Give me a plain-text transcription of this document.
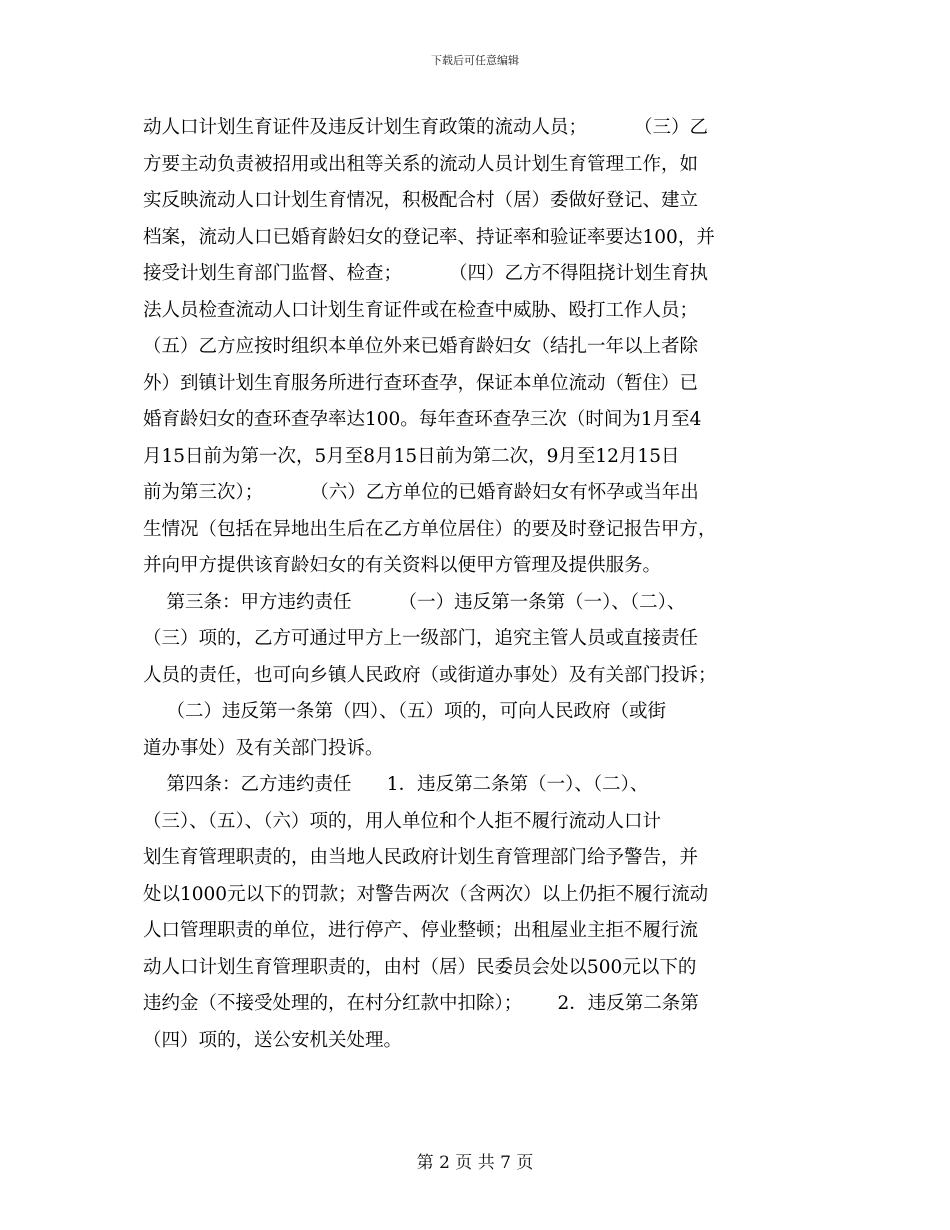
下载后可任意编辑
动人口计划生育证件及违反计划生育政策的流动人员；        （三）乙
方要主动负责被招用或出租等关系的流动人员计划生育管理工作，如
实反映流动人口计划生育情况，积极配合村（居）委做好登记、建立
档案，流动人口已婚育龄妇女的登记率、持证率和验证率要达100，并
接受计划生育部门监督、检查；        （四）乙方不得阻挠计划生育执
法人员检查流动人口计划生育证件或在检查中威胁、殴打工作人员；
（五）乙方应按时组织本单位外来已婚育龄妇女（结扎一年以上者除
外）到镇计划生育服务所进行查环查孕，保证本单位流动（暂住）已
婚育龄妇女的查环查孕率达100。每年查环查孕三次（时间为1月至4
月15日前为第一次，5月至8月15日前为第二次，9月至12月15日
前为第三次）；        （六）乙方单位的已婚育龄妇女有怀孕或当年出
生情况（包括在异地出生后在乙方单位居住）的要及时登记报告甲方，
并向甲方提供该育龄妇女的有关资料以便甲方管理及提供服务。
第三条：甲方违约责任        （一）违反第一条第（一）、（二）、
（三）项的，乙方可通过甲方上一级部门，追究主管人员或直接责任
人员的责任，也可向乡镇人民政府（或街道办事处）及有关部门投诉；
（二）违反第一条第（四）、（五）项的，可向人民政府（或街
道办事处）及有关部门投诉。
第四条：乙方违约责任      1．违反第二条第（一）、（二）、
（三）、（五）、（六）项的，用人单位和个人拒不履行流动人口计
划生育管理职责的，由当地人民政府计划生育管理部门给予警告，并
处以1000元以下的罚款；对警告两次（含两次）以上仍拒不履行流动
人口管理职责的单位，进行停产、停业整顿；出租屋业主拒不履行流
动人口计划生育管理职责的，由村（居）民委员会处以500元以下的
违约金（不接受处理的，在村分红款中扣除）；      2．违反第二条第
（四）项的，送公安机关处理。
第 2 页 共 7 页
